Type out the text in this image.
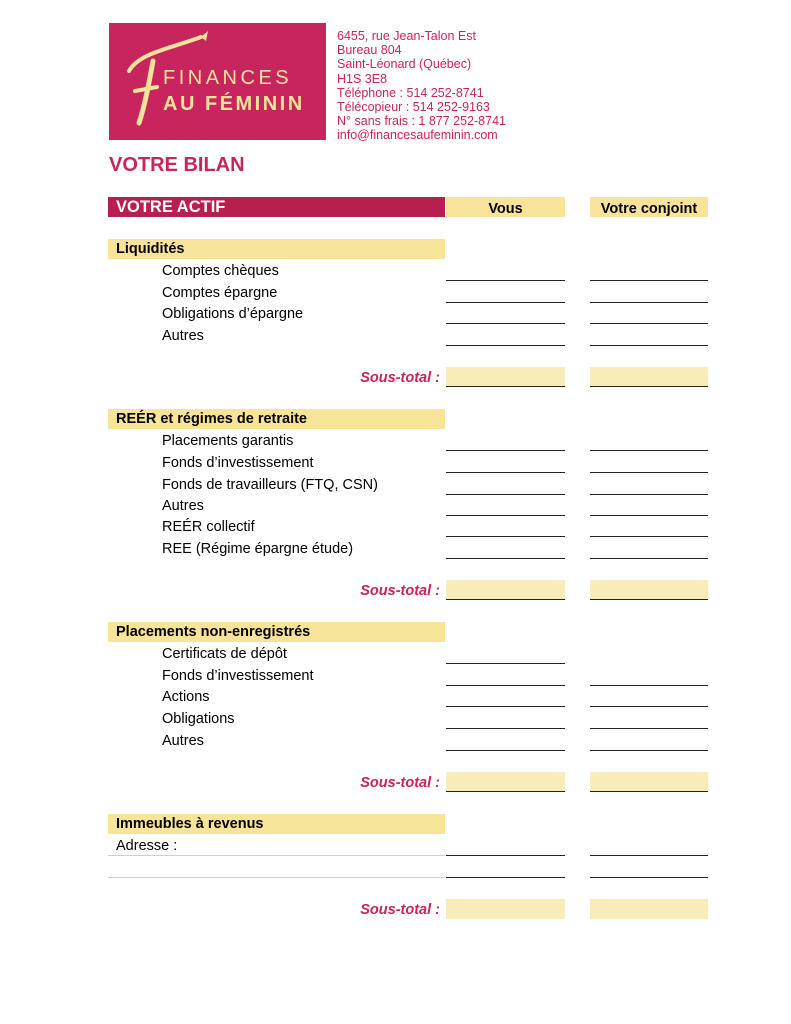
FINANCES
AU FÉMININ
6455, rue Jean-Talon Est
Bureau 804
Saint-Léonard (Québec)
H1S 3E8
Téléphone : 514 252-8741
Télécopieur : 514 252-9163
N° sans frais : 1 877 252-8741
info@financesaufeminin.com
VOTRE BILAN
VOTRE ACTIF	Vous	Votre conjoint
Liquidités
Comptes chèques
Comptes épargne
Obligations d’épargne
Autres
Sous-total :
REÉR et régimes de retraite
Placements garantis
Fonds d’investissement
Fonds de travailleurs (FTQ, CSN)
Autres
REÉR collectif
REE (Régime épargne étude)
Sous-total :
Placements non-enregistrés
Certificats de dépôt
Fonds d’investissement
Actions
Obligations
Autres
Sous-total :
Immeubles à revenus
Adresse :
Sous-total :
